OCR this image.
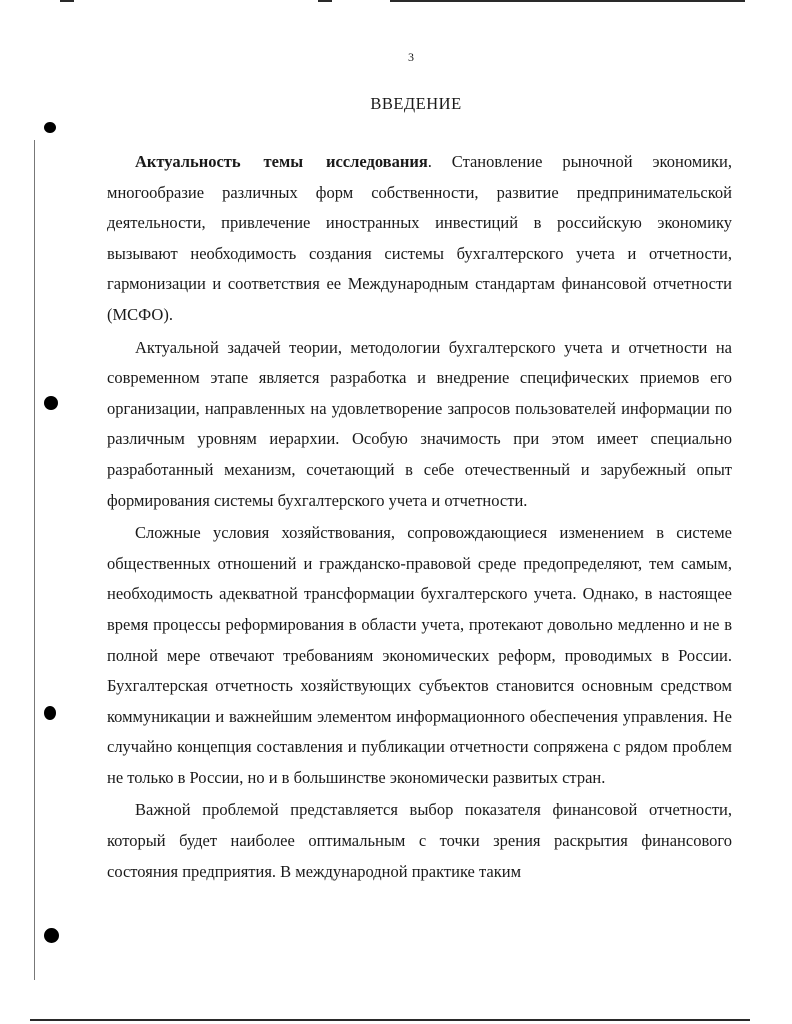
3
ВВЕДЕНИЕ

Актуальность темы исследования. Становление рыночной экономики, многообразие различных форм собственности, развитие предпринимательской деятельности, привлечение иностранных инвестиций в российскую экономику вызывают необходимость создания системы бухгалтерского учета и отчетности, гармонизации и соответствия ее Международным стандартам финансовой отчетности (МСФО).

Актуальной задачей теории, методологии бухгалтерского учета и отчетности на современном этапе является разработка и внедрение специфических приемов его организации, направленных на удовлетворение запросов пользователей информации по различным уровням иерархии. Особую значимость при этом имеет специально разработанный механизм, сочетающий в себе отечественный и зарубежный опыт формирования системы бухгалтерского учета и отчетности.

Сложные условия хозяйствования, сопровождающиеся изменением в системе общественных отношений и гражданско-правовой среде предопределяют, тем самым, необходимость адекватной трансформации бухгалтерского учета. Однако, в настоящее время процессы реформирования в области учета, протекают довольно медленно и не в полной мере отвечают требованиям экономических реформ, проводимых в России. Бухгалтерская отчетность хозяйствующих субъектов становится основным средством коммуникации и важнейшим элементом информационного обеспечения управления. Не случайно концепция составления и публикации отчетности сопряжена с рядом проблем не только в России, но и в большинстве экономически развитых стран.

Важной проблемой представляется выбор показателя финансовой отчетности, который будет наиболее оптимальным с точки зрения раскрытия финансового состояния предприятия. В международной практике таким
